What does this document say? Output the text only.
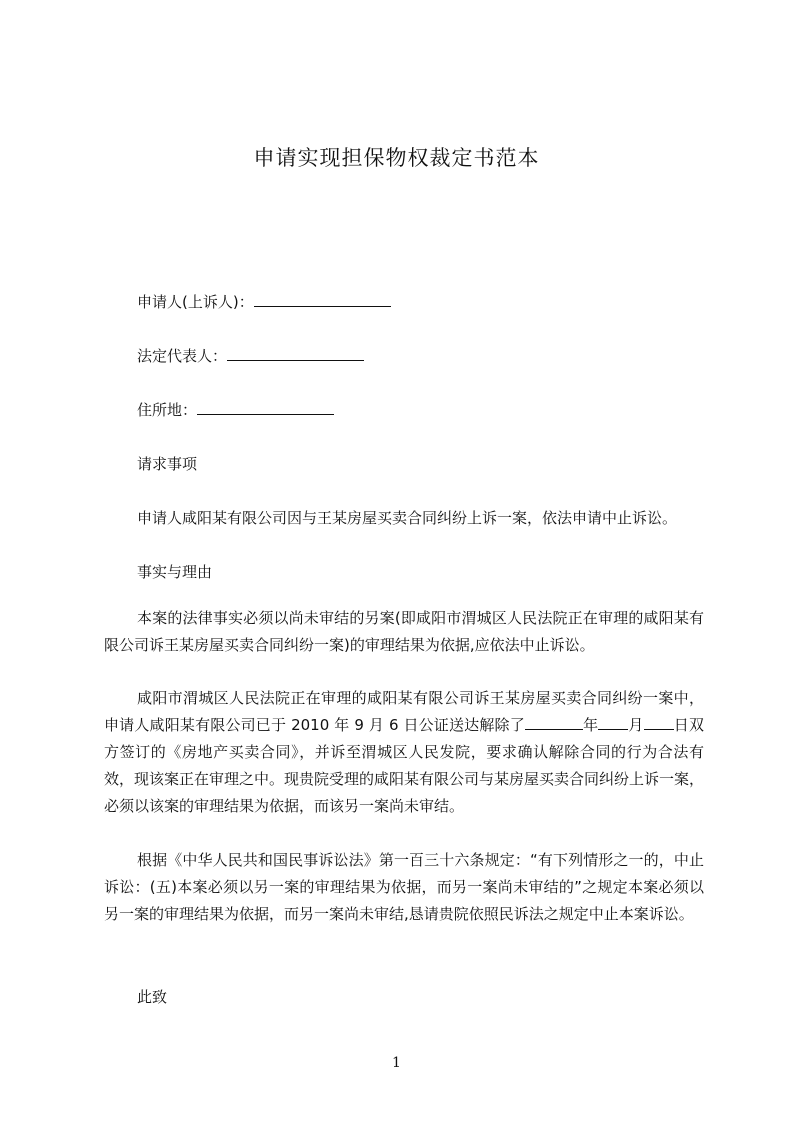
申请实现担保物权裁定书范本
申请人(上诉人)：
法定代表人：
住所地：
请求事项
申请人咸阳某有限公司因与王某房屋买卖合同纠纷上诉一案，依法申请中止诉讼。
事实与理由

本案的法律事实必须以尚未审结的另案(即咸阳市渭城区人民法院正在审理的咸阳某有限公司诉王某房屋买卖合同纠纷一案)的审理结果为依据,应依法中止诉讼。

咸阳市渭城区人民法院正在审理的咸阳某有限公司诉王某房屋买卖合同纠纷一案中，申请人咸阳某有限公司已于 2010 年 9 月 6 日公证送达解除了	年 月 日双方签订的《房地产买卖合同》，并诉至渭城区人民发院，要求确认解除合同的行为合法有效，现该案正在审理之中。现贵院受理的咸阳某有限公司与某房屋买卖合同纠纷上诉一案，必须以该案的审理结果为依据，而该另一案尚未审结。

根据《中华人民共和国民事诉讼法》第一百三十六条规定：“有下列情形之一的，中止诉讼：(五)本案必须以另一案的审理结果为依据，而另一案尚未审结的”之规定本案必须以另一案的审理结果为依据，而另一案尚未审结,恳请贵院依照民诉法之规定中止本案诉讼。

此致
1
